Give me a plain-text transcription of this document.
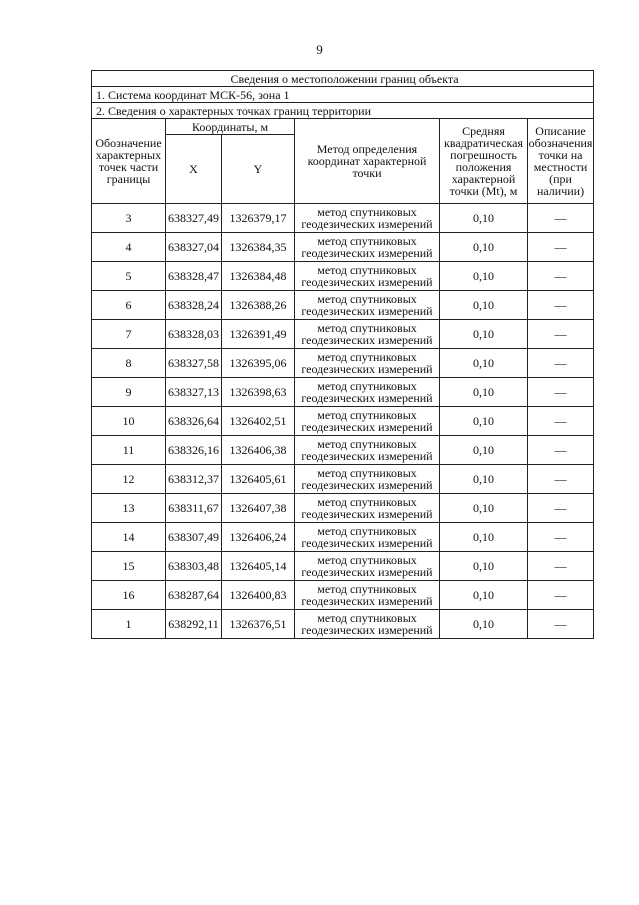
9
Сведения о местоположении границ объекта					
1. Система координат МСК-56, зона 1					
2. Сведения о характерных точках границ территории					
Обозначение характерных точек части границы	Координаты, м		Метод определения координат характерной точки	Средняя квадратическая погрешность положения характерной точки (Mt), м	Описание обозначения точки на местности (при наличии)
	X	Y			
3	638327,49	1326379,17	метод спутниковых геодезических измерений	0,10	—
4	638327,04	1326384,35	метод спутниковых геодезических измерений	0,10	—
5	638328,47	1326384,48	метод спутниковых геодезических измерений	0,10	—
6	638328,24	1326388,26	метод спутниковых геодезических измерений	0,10	—
7	638328,03	1326391,49	метод спутниковых геодезических измерений	0,10	—
8	638327,58	1326395,06	метод спутниковых геодезических измерений	0,10	—
9	638327,13	1326398,63	метод спутниковых геодезических измерений	0,10	—
10	638326,64	1326402,51	метод спутниковых геодезических измерений	0,10	—
11	638326,16	1326406,38	метод спутниковых геодезических измерений	0,10	—
12	638312,37	1326405,61	метод спутниковых геодезических измерений	0,10	—
13	638311,67	1326407,38	метод спутниковых геодезических измерений	0,10	—
14	638307,49	1326406,24	метод спутниковых геодезических измерений	0,10	—
15	638303,48	1326405,14	метод спутниковых геодезических измерений	0,10	—
16	638287,64	1326400,83	метод спутниковых геодезических измерений	0,10	—
1	638292,11	1326376,51	метод спутниковых геодезических измерений	0,10	—
